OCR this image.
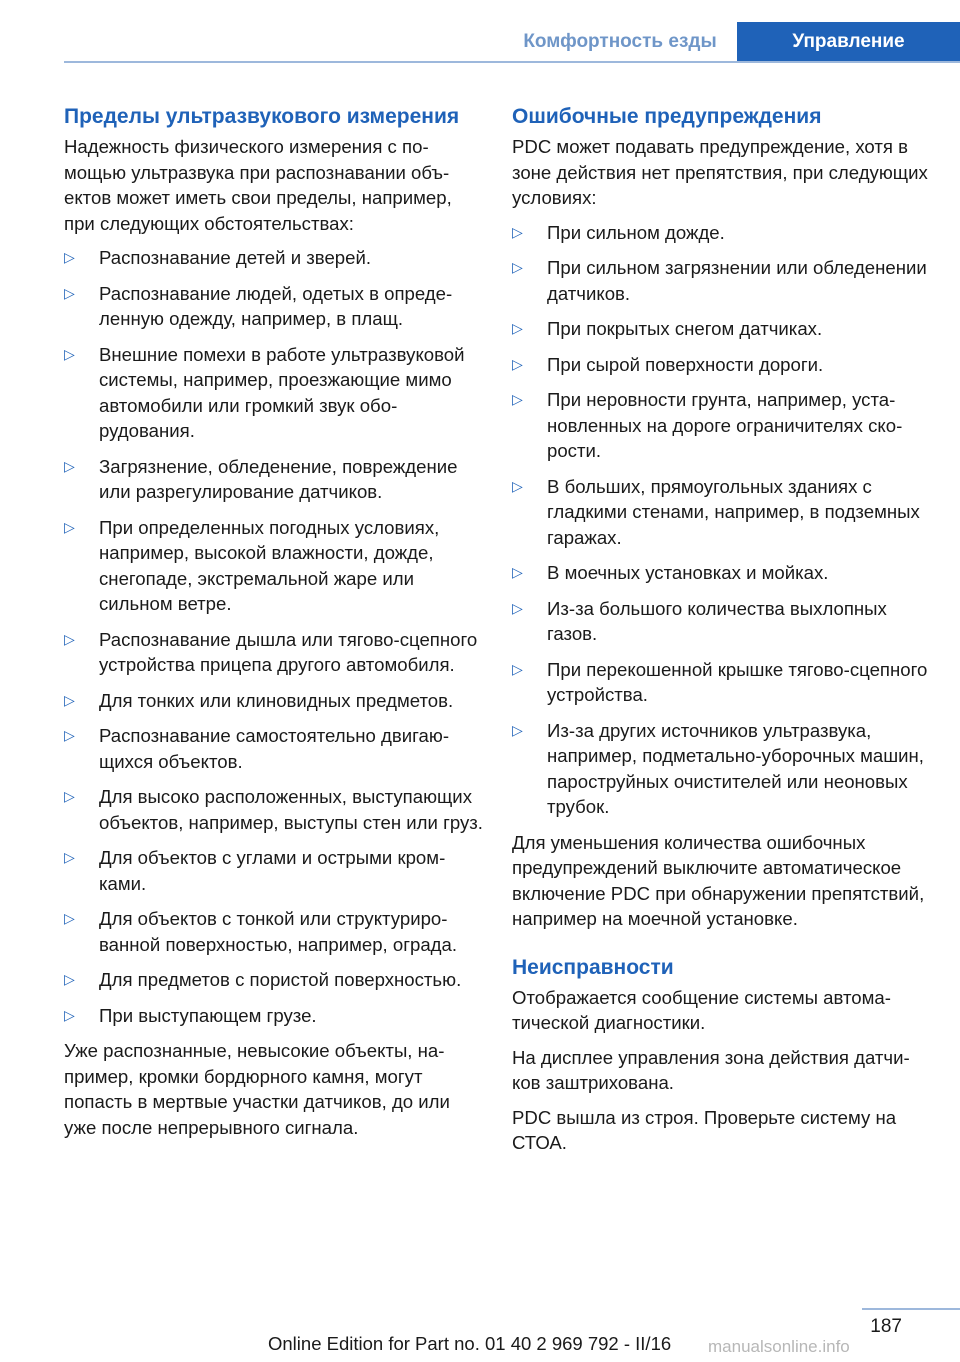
Комфортность езды	Управление
Пределы ультразвукового измерения

Надежность физического измерения с помощью ультразвука при распознавании объектов может иметь свои пределы, например, при следующих обстоятельствах:

▷ Распознавание детей и зверей.
▷ Распознавание людей, одетых в определенную одежду, например, в плащ.
▷ Внешние помехи в работе ультразвуковой системы, например, проезжающие мимо автомобили или громкий звук оборудования.
▷ Загрязнение, обледенение, повреждение или разрегулирование датчиков.
▷ При определенных погодных условиях, например, высокой влажности, дожде, снегопаде, экстремальной жаре или сильном ветре.
▷ Распознавание дышла или тягово-сцепного устройства прицепа другого автомобиля.
▷ Для тонких или клиновидных предметов.
▷ Распознавание самостоятельно двигающихся объектов.
▷ Для высоко расположенных, выступающих объектов, например, выступы стен или груз.
▷ Для объектов с углами и острыми кромками.
▷ Для объектов с тонкой или структурированной поверхностью, например, ограда.
▷ Для предметов с пористой поверхностью.
▷ При выступающем грузе.

Уже распознанные, невысокие объекты, например, кромки бордюрного камня, могут попасть в мертвые участки датчиков, до или уже после непрерывного сигнала.

Ошибочные предупреждения

PDC может подавать предупреждение, хотя в зоне действия нет препятствия, при следующих условиях:

▷ При сильном дожде.
▷ При сильном загрязнении или обледенении датчиков.
▷ При покрытых снегом датчиках.
▷ При сырой поверхности дороги.
▷ При неровности грунта, например, установленных на дороге ограничителях скорости.
▷ В больших, прямоугольных зданиях с гладкими стенами, например, в подземных гаражах.
▷ В моечных установках и мойках.
▷ Из-за большого количества выхлопных газов.
▷ При перекошенной крышке тягово-сцепного устройства.
▷ Из-за других источников ультразвука, например, подметально-уборочных машин, пароструйных очистителей или неоновых трубок.

Для уменьшения количества ошибочных предупреждений выключите автоматическое включение PDC при обнаружении препятствий, например на моечной установке.

Неисправности

Отображается сообщение системы автоматической диагностики.

На дисплее управления зона действия датчиков заштрихована.

PDC вышла из строя. Проверьте систему на СТОА.

187
Online Edition for Part no. 01 40 2 969 792 - II/16 manualsonline.info
